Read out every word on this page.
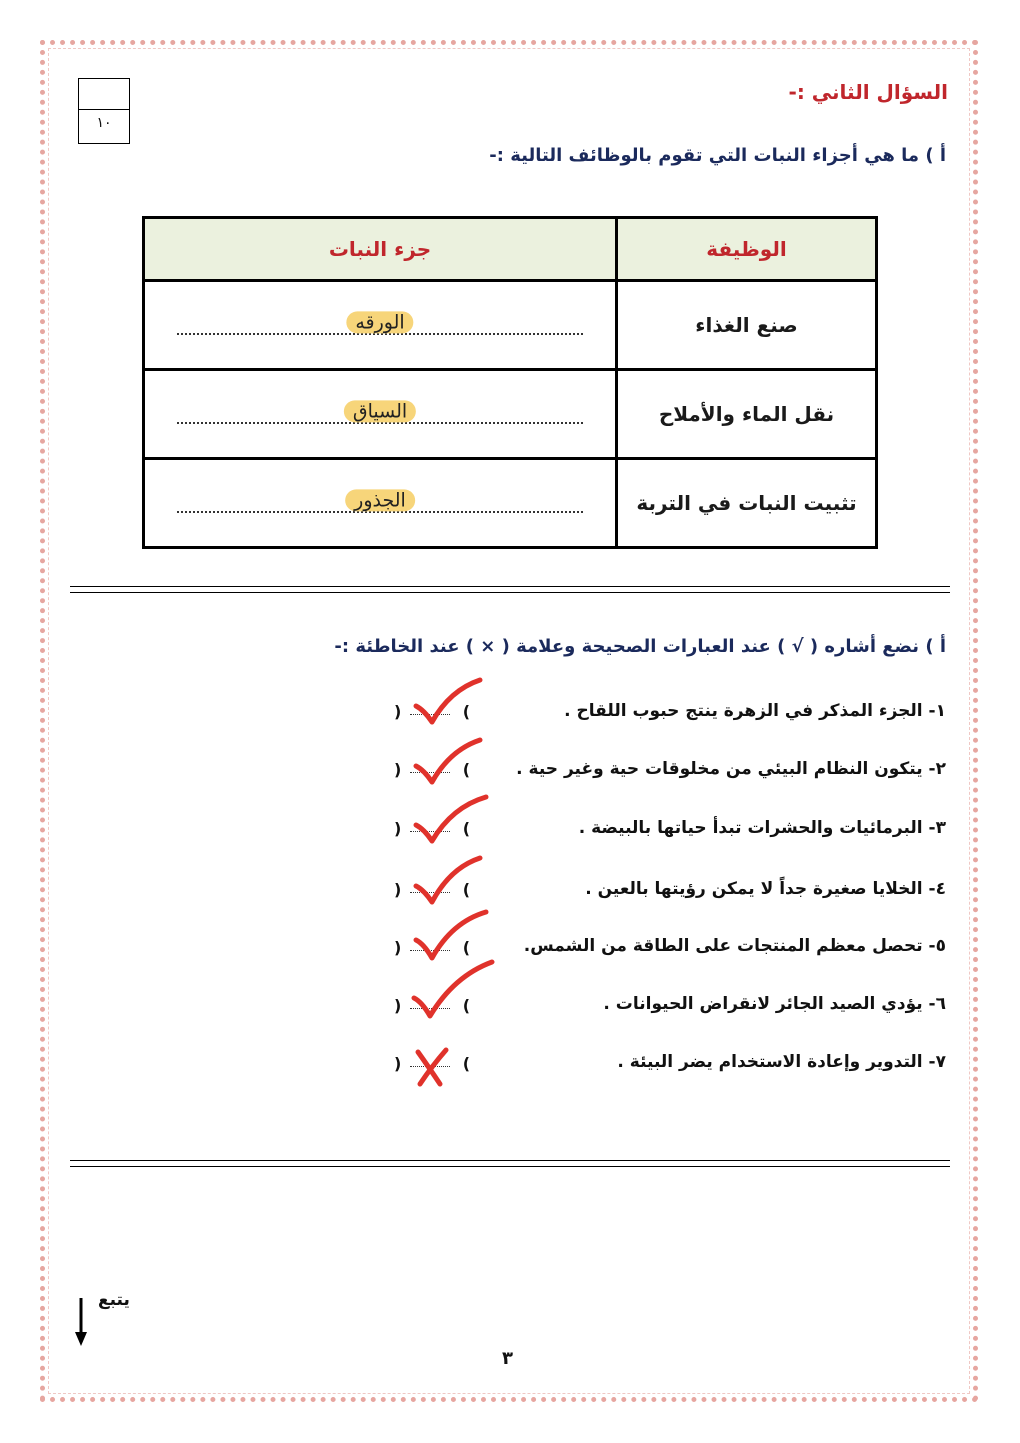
١٠
السؤال الثاني :-
أ ) ما هي أجزاء النبات التي تقوم بالوظائف التالية :-
الوظيفة	جزء النبات
صنع الغذاء	الورقه

نقل الماء والأملاح	السياق

تثبيت النبات في التربة	الجذور
أ ) نضع أشاره ( √ ) عند العبارات الصحيحة وعلامة ( × ) عند الخاطئة :-
١- الجزء المذكر في الزهرة ينتج حبوب اللقاح .
(
)
٢- يتكون النظام البيئي من مخلوقات حية وغير حية .
(
)
٣- البرمائيات والحشرات تبدأ حياتها بالبيضة .
(
)
٤- الخلايا صغيرة جداً لا يمكن رؤيتها بالعين .
(
)
٥- تحصل معظم المنتجات على الطاقة من الشمس.
(
)
٦- يؤدي الصيد الجائر لانقراض الحيوانات .
(
)
٧- التدوير وإعادة الاستخدام يضر البيئة .
(
)
يتبع
٣
